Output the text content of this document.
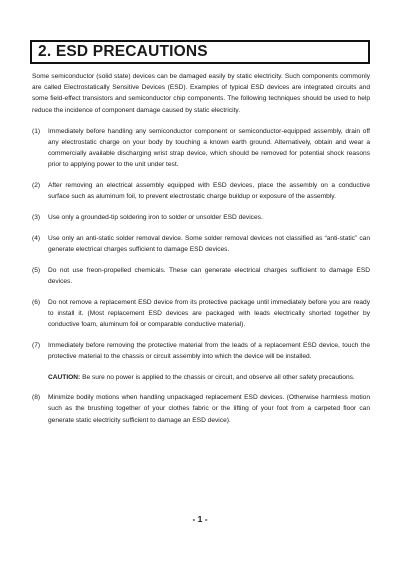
2. ESD PRECAUTIONS

Some semiconductor (solid state) devices can be damaged easily by static electricity. Such components commonly are called Electrostatically Sensitive Devices (ESD). Examples of typical ESD devices are integrated circuits and some field-effect transistors and semiconductor chip components. The following techniques should be used to help reduce the incidence of component damage caused by static electricity.

(1)	Immediately before handling any semiconductor component or semiconductor-equipped assembly, drain off any electrostatic charge on your body by touching a known earth ground. Alternatively, obtain and wear a commercially available discharging wrist strap device, which should be removed for potential shock reasons prior to applying power to the unit under test.
(2)	After removing an electrical assembly equipped with ESD devices, place the assembly on a conductive surface such as aluminum foil, to prevent electrostatic charge buildup or exposure of the assembly.
(3)	Use only a grounded-tip soldering iron to solder or unsolder ESD devices.
(4)	Use only an anti-static solder removal device. Some solder removal devices not classified as “anti-static” can generate electrical charges sufficient to damage ESD devices.
(5)	Do not use freon-propelled chemicals. These can generate electrical charges sufficient to damage ESD devices.
(6)	Do not remove a replacement ESD device from its protective package until immediately before you are ready to install it. (Most replacement ESD devices are packaged with leads electrically shorted together by conductive foam, aluminum foil or comparable conductive material).
(7)	Immediately before removing the protective material from the leads of a replacement ESD device, touch the protective material to the chassis or circuit assembly into which the device will be installed.
CAUTION: Be sure no power is applied to the chassis or circuit, and observe all other safety precautions.
(8)	Minimize bodily motions when handling unpackaged replacement ESD devices. (Otherwise harmless motion such as the brushing together of your clothes fabric or the lifting of your foot from a carpeted floor can generate static electricity sufficient to damage an ESD device).
- 1 -
